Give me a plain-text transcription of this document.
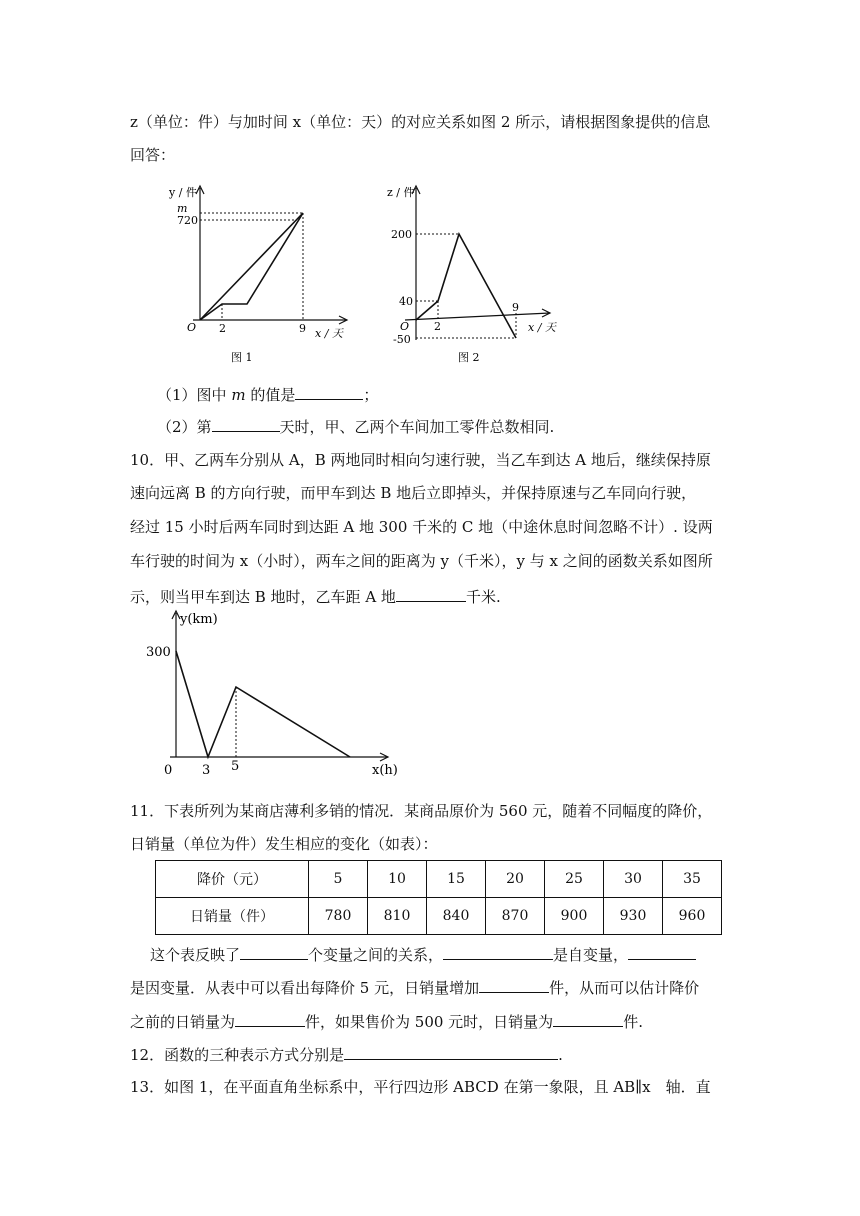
z（单位：件）与加时间 x（单位：天）的对应关系如图 2 所示，请根据图象提供的信息
回答：
y / 件
m
720
O 2	9 x / 天
图 1
z / 件
200
40
O 2
9
-50
x / 天
图 2
（1）图中 m 的值是	；
（2）第	天时，甲、乙两个车间加工零件总数相同.
10．甲、乙两车分别从 A，B 两地同时相向匀速行驶，当乙车到达 A 地后，继续保持原
速向远离 B 的方向行驶，而甲车到达 B 地后立即掉头，并保持原速与乙车同向行驶，
经过 15 小时后两车同时到达距 A 地 300 千米的 C 地（中途休息时间忽略不计）. 设两
车行驶的时间为 x（小时），两车之间的距离为 y（千米），y 与 x 之间的函数关系如图所
示，则当甲车到达 B 地时，乙车距 A 地	千米.
y(km)
300
0 3 5	x(h)
11．下表所列为某商店薄利多销的情况．某商品原价为 560 元，随着不同幅度的降价，
日销量（单位为件）发生相应的变化（如表）：
降价（元）	5	10	15	20	25	30	35
日销量（件）	780	810	840	870	900	930	960
这个表反映了	个变量之间的关系，	是自变量，
是因变量．从表中可以看出每降价 5 元，日销量增加	件，从而可以估计降价
之前的日销量为	件，如果售价为 500 元时，日销量为	件.
12．函数的三种表示方式分别是	.
13．如图 1，在平面直角坐标系中，平行四边形 ABCD 在第一象限，且 AB∥x　轴．直
